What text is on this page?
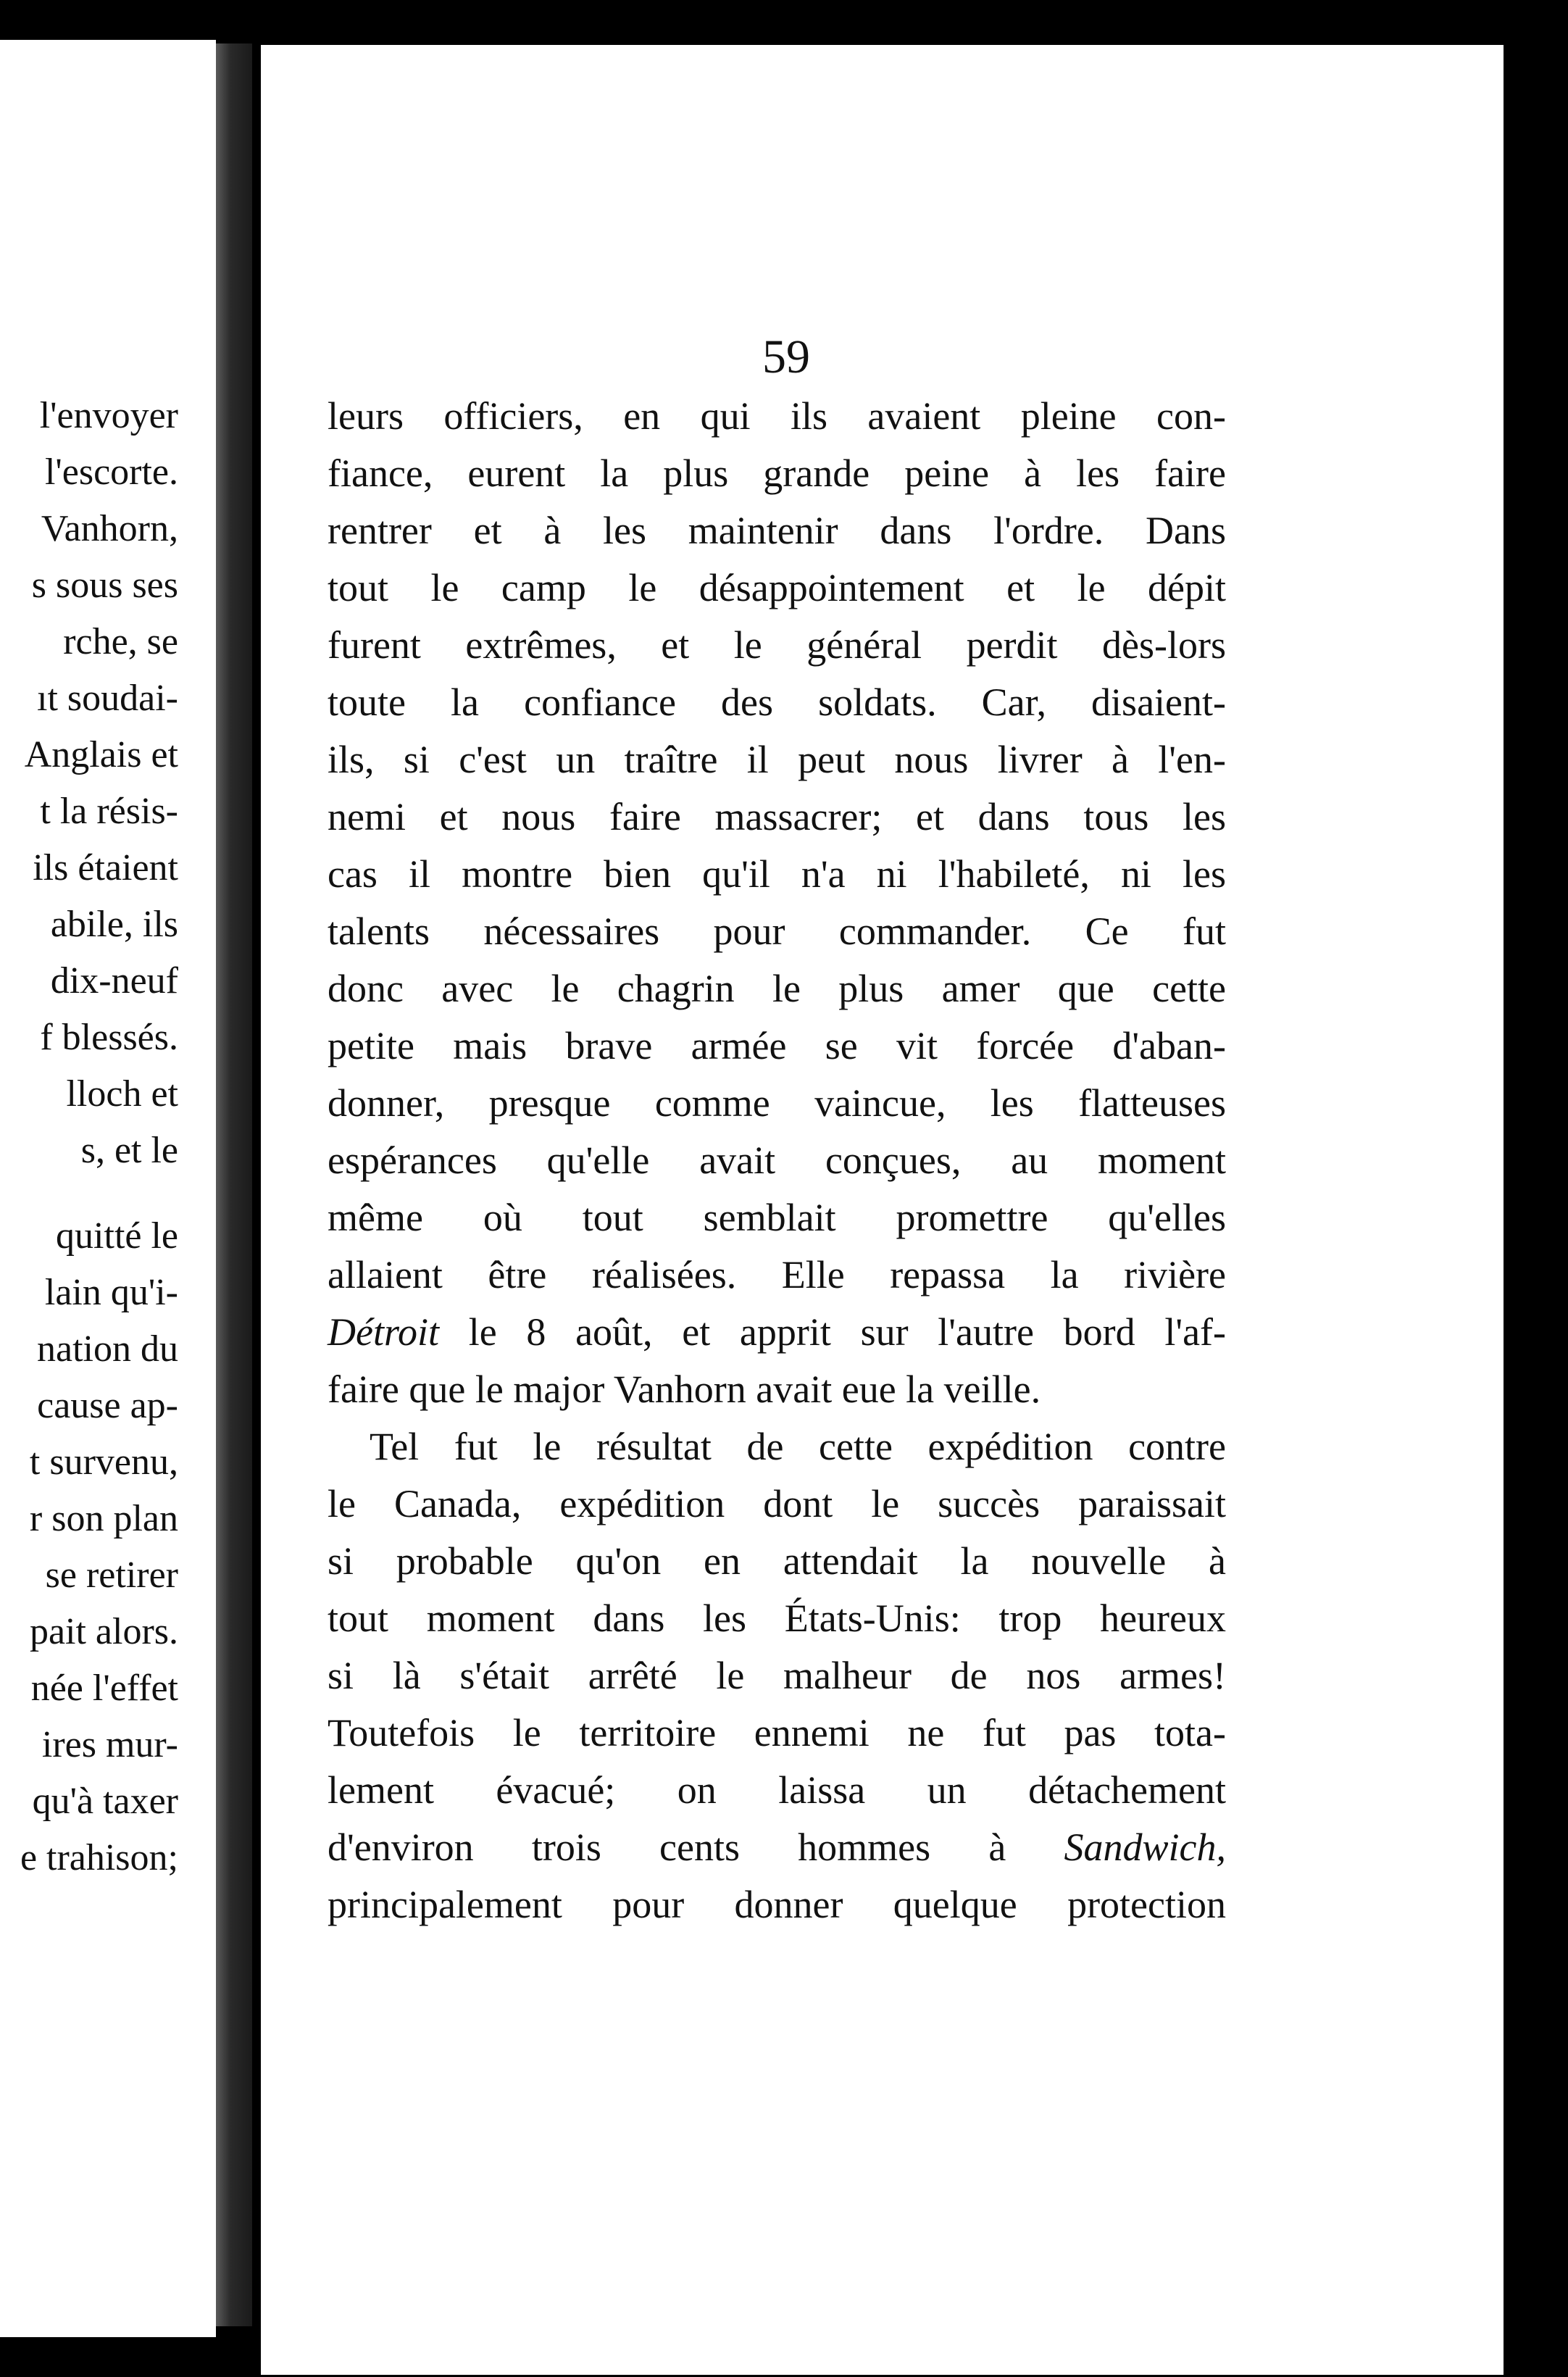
l'envoyer
l'escorte.
Vanhorn,
s sous ses
rche, se
ıt soudai-
Anglais et
t la résis-
ils étaient
abile, ils
dix-neuf
f blessés.
lloch et
s, et le
quitté le
lain qu'i-
nation du
cause ap-
t survenu,
r son plan
se retirer
pait alors.
née l'effet
ires mur-
qu'à taxer
e trahison;
59
leurs officiers, en qui ils avaient pleine con-
fiance, eurent la plus grande peine à les faire
rentrer et à les maintenir dans l'ordre. Dans
tout le camp le désappointement et le dépit
furent extrêmes, et le général perdit dès-lors
toute la confiance des soldats. Car, disaient-
ils, si c'est un traître il peut nous livrer à l'en-
nemi et nous faire massacrer; et dans tous les
cas il montre bien qu'il n'a ni l'habileté, ni les
talents nécessaires pour commander. Ce fut
donc avec le chagrin le plus amer que cette
petite mais brave armée se vit forcée d'aban-
donner, presque comme vaincue, les flatteuses
espérances qu'elle avait conçues, au moment
même où tout semblait promettre qu'elles
allaient être réalisées. Elle repassa la rivière
Détroit le 8 août, et apprit sur l'autre bord l'af-
faire que le major Vanhorn avait eue la veille.
Tel fut le résultat de cette expédition contre
le Canada, expédition dont le succès paraissait
si probable qu'on en attendait la nouvelle à
tout moment dans les États-Unis: trop heureux
si là s'était arrêté le malheur de nos armes!
Toutefois le territoire ennemi ne fut pas tota-
lement évacué; on laissa un détachement
d'environ trois cents hommes à Sandwich,
principalement pour donner quelque protection
